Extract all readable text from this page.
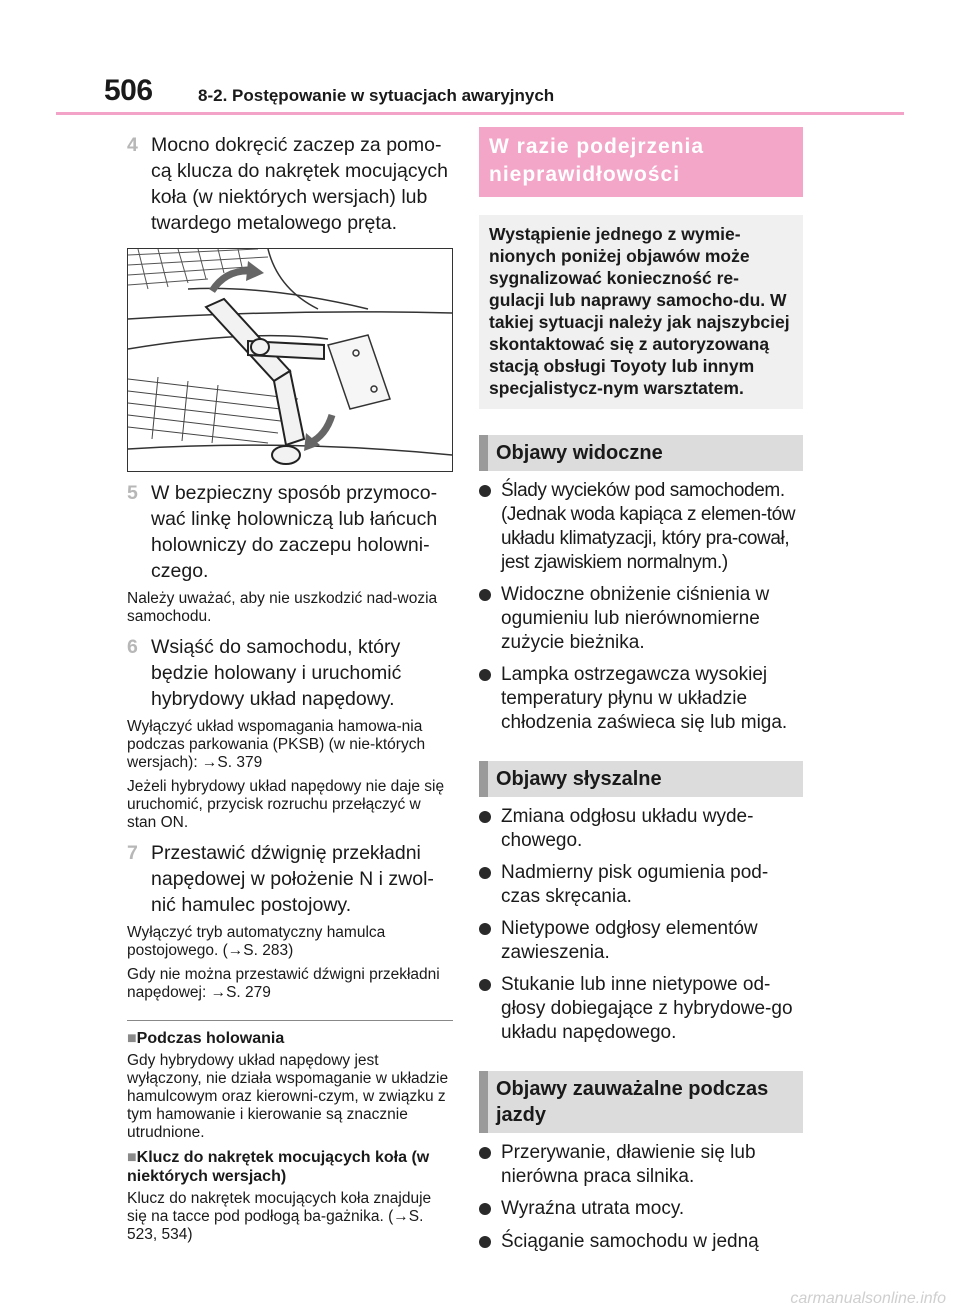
506	8-2. Postępowanie w sytuacjach awaryjnych
4 Mocno dokręcić zaczep za pomo-cą klucza do nakrętek mocujących koła (w niektórych wersjach) lub twardego metalowego pręta.
5 W bezpieczny sposób przymoco-wać linkę holowniczą lub łańcuch holowniczy do zaczepu holowni-czego.
Należy uważać, aby nie uszkodzić nad-wozia samochodu.
6 Wsiąść do samochodu, który będzie holowany i uruchomić hybrydowy układ napędowy.
Wyłączyć układ wspomagania hamowa-nia podczas parkowania (PKSB) (w nie-których wersjach): →S. 379
Jeżeli hybrydowy układ napędowy nie daje się uruchomić, przycisk rozruchu przełączyć w stan ON.
7 Przestawić dźwignię przekładni napędowej w położenie N i zwol-nić hamulec postojowy.
Wyłączyć tryb automatyczny hamulca postojowego. (→S. 283)
Gdy nie można przestawić dźwigni przekładni napędowej: →S. 279
■Podczas holowania
Gdy hybrydowy układ napędowy jest wyłączony, nie działa wspomaganie w układzie hamulcowym oraz kierowni-czym, w związku z tym hamowanie i kierowanie są znacznie utrudnione.
■Klucz do nakrętek mocujących koła (w niektórych wersjach)
Klucz do nakrętek mocujących koła znajduje się na tacce pod podłogą ba-gażnika. (→S. 523, 534)
W razie podejrzenia nieprawidłowości
Wystąpienie jednego z wymie-nionych poniżej objawów może sygnalizować konieczność re-gulacji lub naprawy samocho-du. W takiej sytuacji należy jak najszybciej skontaktować się z autoryzowaną stacją obsługi Toyoty lub innym specjalistycz-nym warsztatem.
Objawy widoczne
Ślady wycieków pod samochodem. (Jednak woda kapiąca z elemen-tów układu klimatyzacji, który pra-cował, jest zjawiskiem normalnym.)
Widoczne obniżenie ciśnienia w ogumieniu lub nierównomierne zużycie bieżnika.
Lampka ostrzegawcza wysokiej temperatury płynu w układzie chłodzenia zaświeca się lub miga.
Objawy słyszalne
Zmiana odgłosu układu wyde-chowego.
Nadmierny pisk ogumienia pod-czas skręcania.
Nietypowe odgłosy elementów zawieszenia.
Stukanie lub inne nietypowe od-głosy dobiegające z hybrydowe-go układu napędowego.
Objawy zauważalne podczas jazdy
Przerywanie, dławienie się lub nierówna praca silnika.
Wyraźna utrata mocy.
Ściąganie samochodu w jedną
carmanualsonline.info
